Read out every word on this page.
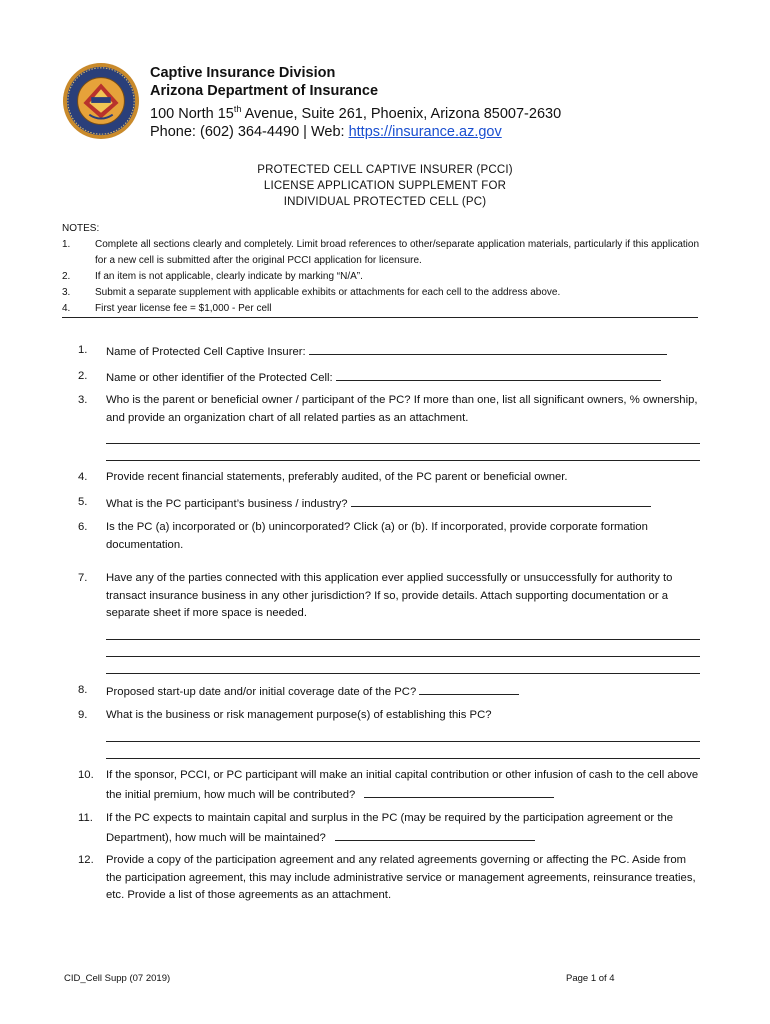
Captive Insurance Division
Arizona Department of Insurance
100 North 15th Avenue, Suite 261, Phoenix, Arizona 85007-2630
Phone: (602) 364-4490 | Web: https://insurance.az.gov
PROTECTED CELL CAPTIVE INSURER (PCCI)
LICENSE APPLICATION SUPPLEMENT FOR
INDIVIDUAL PROTECTED CELL (PC)
NOTES:
1. Complete all sections clearly and completely. Limit broad references to other/separate application materials, particularly if this application for a new cell is submitted after the original PCCI application for licensure.
2. If an item is not applicable, clearly indicate by marking “N/A”.
3. Submit a separate supplement with applicable exhibits or attachments for each cell to the address above.
4. First year license fee = $1,000 - Per cell
1. Name of Protected Cell Captive Insurer:
2. Name or other identifier of the Protected Cell:
3. Who is the parent or beneficial owner / participant of the PC? If more than one, list all significant owners, % ownership, and provide an organization chart of all related parties as an attachment.
4. Provide recent financial statements, preferably audited, of the PC parent or beneficial owner.
5. What is the PC participant’s business / industry?
6. Is the PC (a) incorporated or (b) unincorporated? Click (a) or (b). If incorporated, provide corporate formation documentation.
7. Have any of the parties connected with this application ever applied successfully or unsuccessfully for authority to transact insurance business in any other jurisdiction? If so, provide details. Attach supporting documentation or a separate sheet if more space is needed.
8. Proposed start-up date and/or initial coverage date of the PC?
9. What is the business or risk management purpose(s) of establishing this PC?
10. If the sponsor, PCCI, or PC participant will make an initial capital contribution or other infusion of cash to the cell above the initial premium, how much will be contributed?
11. If the PC expects to maintain capital and surplus in the PC (may be required by the participation agreement or the Department), how much will be maintained?
12. Provide a copy of the participation agreement and any related agreements governing or affecting the PC. Aside from the participation agreement, this may include administrative service or management agreements, reinsurance treaties, etc. Provide a list of those agreements as an attachment.
CID_Cell Supp (07 2019)	Page 1 of 4
